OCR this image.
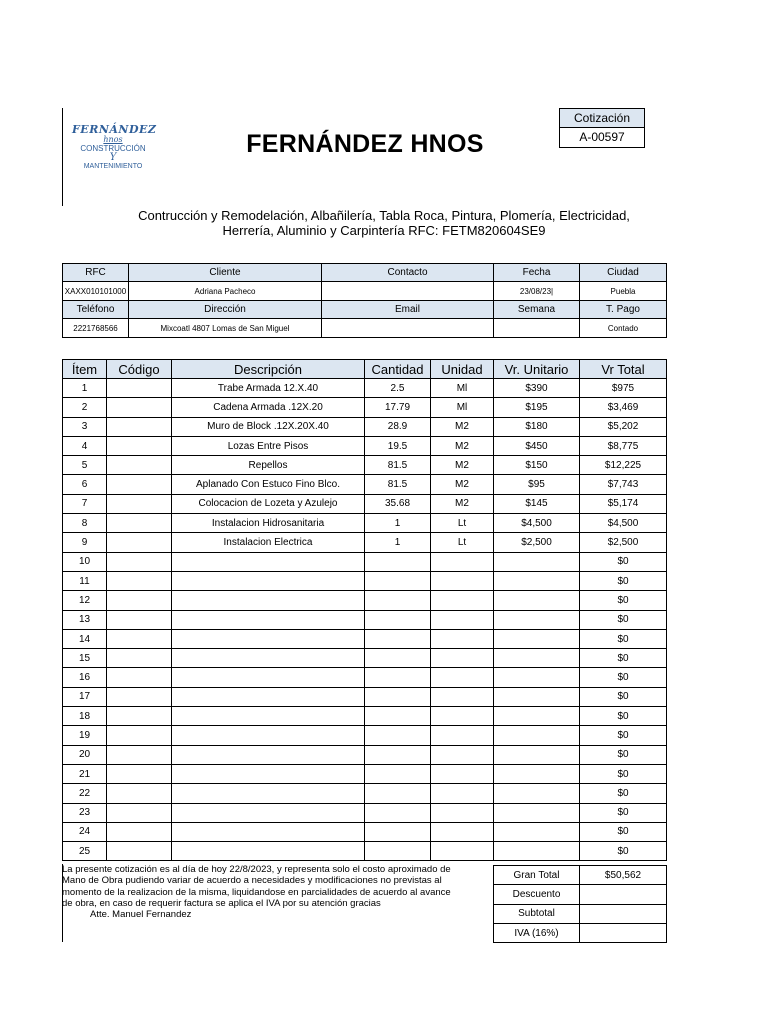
FERNÁNDEZ
hnos
CONSTRUCCIÓN
Y
MANTENIMIENTO
FERNÁNDEZ HNOS
Cotización
A-00597
Contrucción y Remodelación, Albañilería, Tabla Roca, Pintura, Plomería, Electricidad,
Herrería, Aluminio y Carpintería RFC: FETM820604SE9
RFC	Cliente	Contacto	Fecha	Ciudad
XAXX010101000	Adriana Pacheco		23/08/23|	Puebla
Teléfono	Dirección	Email	Semana	T. Pago
2221768566	Mixcoatl 4807 Lomas de San Miguel			Contado
Ítem	Código	Descripción	Cantidad	Unidad	Vr. Unitario	Vr Total
1		Trabe Armada 12.X.40	2.5	Ml	$390	$975
2		Cadena Armada .12X.20	17.79	Ml	$195	$3,469
3		Muro de Block .12X.20X.40	28.9	M2	$180	$5,202
4		Lozas Entre Pisos	19.5	M2	$450	$8,775
5		Repellos	81.5	M2	$150	$12,225
6		Aplanado Con Estuco Fino Blco.	81.5	M2	$95	$7,743
7		Colocacion de Lozeta y Azulejo	35.68	M2	$145	$5,174
8		Instalacion Hidrosanitaria	1	Lt	$4,500	$4,500
9		Instalacion Electrica	1	Lt	$2,500	$2,500
10						$0
11						$0
12						$0
13						$0
14						$0
15						$0
16						$0
17						$0
18						$0
19						$0
20						$0
21						$0
22						$0
23						$0
24						$0
25						$0
La presente cotización es al día de hoy 22/8/2023, y representa solo el costo aproximado de
Mano de Obra pudiendo variar de acuerdo a necesidades y modificaciones no previstas al
momento de la realizacion de la misma, liquidandose en parcialidades de acuerdo al avance
de obra, en caso de requerir factura se aplica el IVA por su atención gracias
Atte. Manuel Fernandez
Gran Total	$50,562
Descuento	
Subtotal	
IVA (16%)	
